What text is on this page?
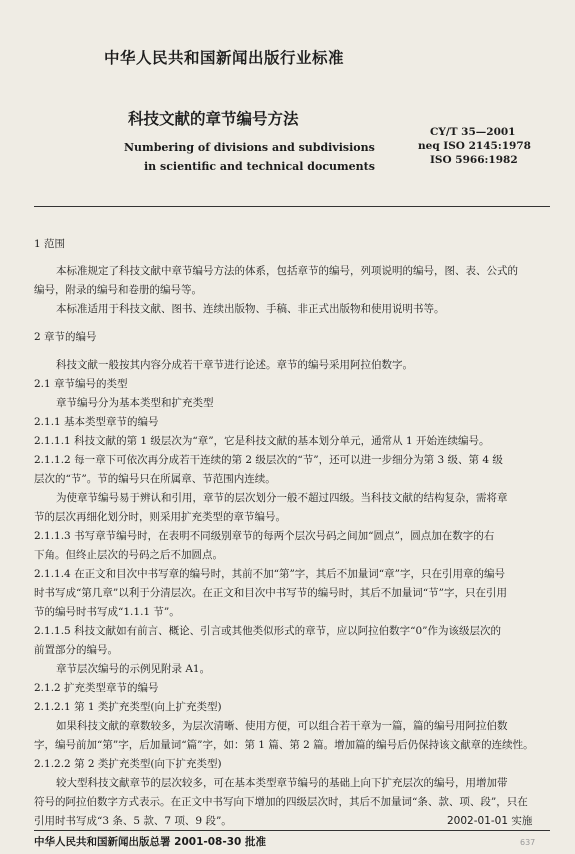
中华人民共和国新闻出版行业标准
科技文献的章节编号方法
Numbering of divisions and subdivisions
in scientific and technical documents
CY/T 35—2001
neq ISO 2145:1978
ISO 5966:1982
1 范围
本标准规定了科技文献中章节编号方法的体系，包括章节的编号，列项说明的编号，图、表、公式的
编号，附录的编号和卷册的编号等。
本标准适用于科技文献、图书、连续出版物、手稿、非正式出版物和使用说明书等。
2 章节的编号
科技文献一般按其内容分成若干章节进行论述。章节的编号采用阿拉伯数字。
2.1 章节编号的类型
章节编号分为基本类型和扩充类型
2.1.1 基本类型章节的编号
2.1.1.1 科技文献的第 1 级层次为“章”，它是科技文献的基本划分单元，通常从 1 开始连续编号。
2.1.1.2 每一章下可依次再分成若干连续的第 2 级层次的“节”，还可以进一步细分为第 3 级、第 4 级
层次的“节”。节的编号只在所属章、节范围内连续。
为使章节编号易于辨认和引用，章节的层次划分一般不超过四级。当科技文献的结构复杂，需将章
节的层次再细化划分时，则采用扩充类型的章节编号。
2.1.1.3 书写章节编号时，在表明不同级别章节的每两个层次号码之间加“圆点”，圆点加在数字的右
下角。但终止层次的号码之后不加圆点。
2.1.1.4 在正文和目次中书写章的编号时，其前不加“第”字，其后不加量词“章”字，只在引用章的编号
时书写成“第几章”以利于分清层次。在正文和目次中书写节的编号时，其后不加量词“节”字，只在引用
节的编号时书写成“1.1.1 节”。
2.1.1.5 科技文献如有前言、概论、引言或其他类似形式的章节，应以阿拉伯数字“0”作为该级层次的
前置部分的编号。
章节层次编号的示例见附录 A1。
2.1.2 扩充类型章节的编号
2.1.2.1 第 1 类扩充类型(向上扩充类型)
如果科技文献的章数较多，为层次清晰、使用方便，可以组合若干章为一篇，篇的编号用阿拉伯数
字，编号前加“第”字，后加量词“篇”字，如：第 1 篇、第 2 篇。增加篇的编号后仍保持该文献章的连续性。
2.1.2.2 第 2 类扩充类型(向下扩充类型)
较大型科技文献章节的层次较多，可在基本类型章节编号的基础上向下扩充层次的编号，用增加带
符号的阿拉伯数字方式表示。在正文中书写向下增加的四级层次时，其后不加量词“条、款、项、段”，只在
引用时书写成“3 条、5 款、7 项、9 段”。	2002-01-01 实施
中华人民共和国新闻出版总署 2001-08-30 批准	637
